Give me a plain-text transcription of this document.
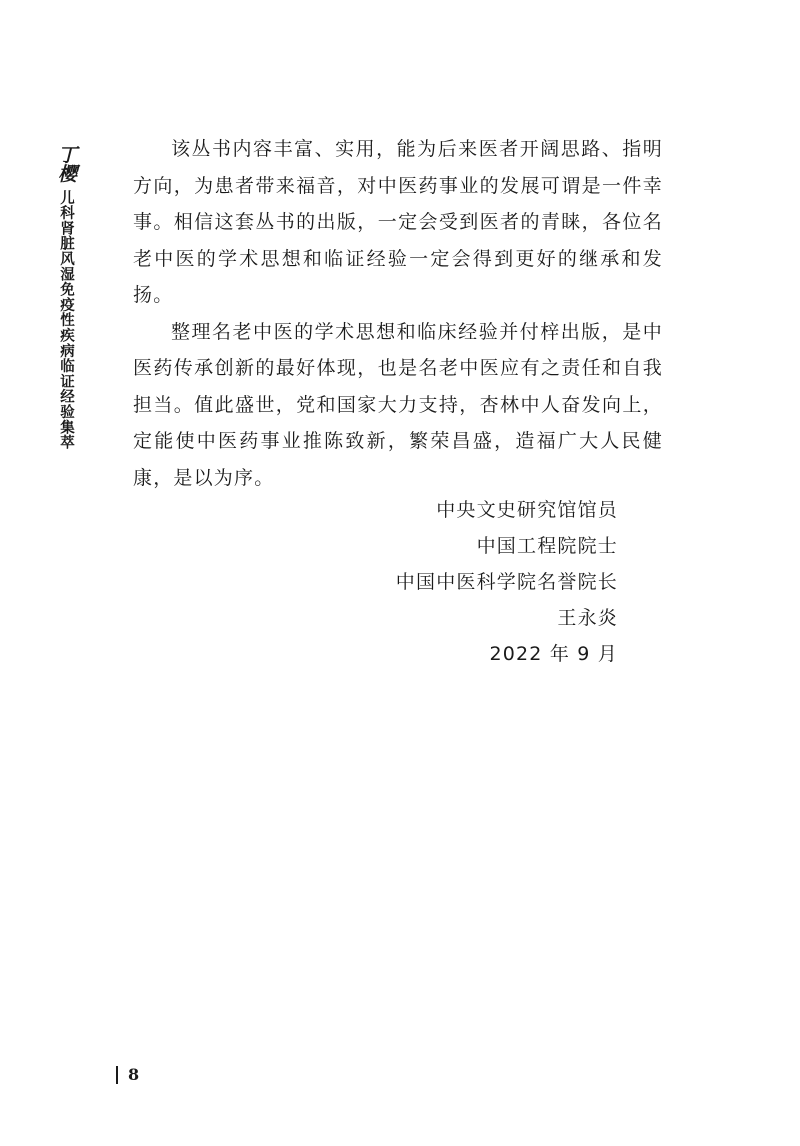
丁樱
儿科肾脏风湿免疫性疾病临证经验集萃

该丛书内容丰富、实用，能为后来医者开阔思路、指明方向，为患者带来福音，对中医药事业的发展可谓是一件幸事。相信这套丛书的出版，一定会受到医者的青睐，各位名老中医的学术思想和临证经验一定会得到更好的继承和发扬。

整理名老中医的学术思想和临床经验并付梓出版，是中医药传承创新的最好体现，也是名老中医应有之责任和自我担当。值此盛世，党和国家大力支持，杏林中人奋发向上，定能使中医药事业推陈致新，繁荣昌盛，造福广大人民健康，是以为序。

中央文史研究馆馆员
中国工程院院士
中国中医科学院名誉院长
王永炎
2022 年 9 月
8
